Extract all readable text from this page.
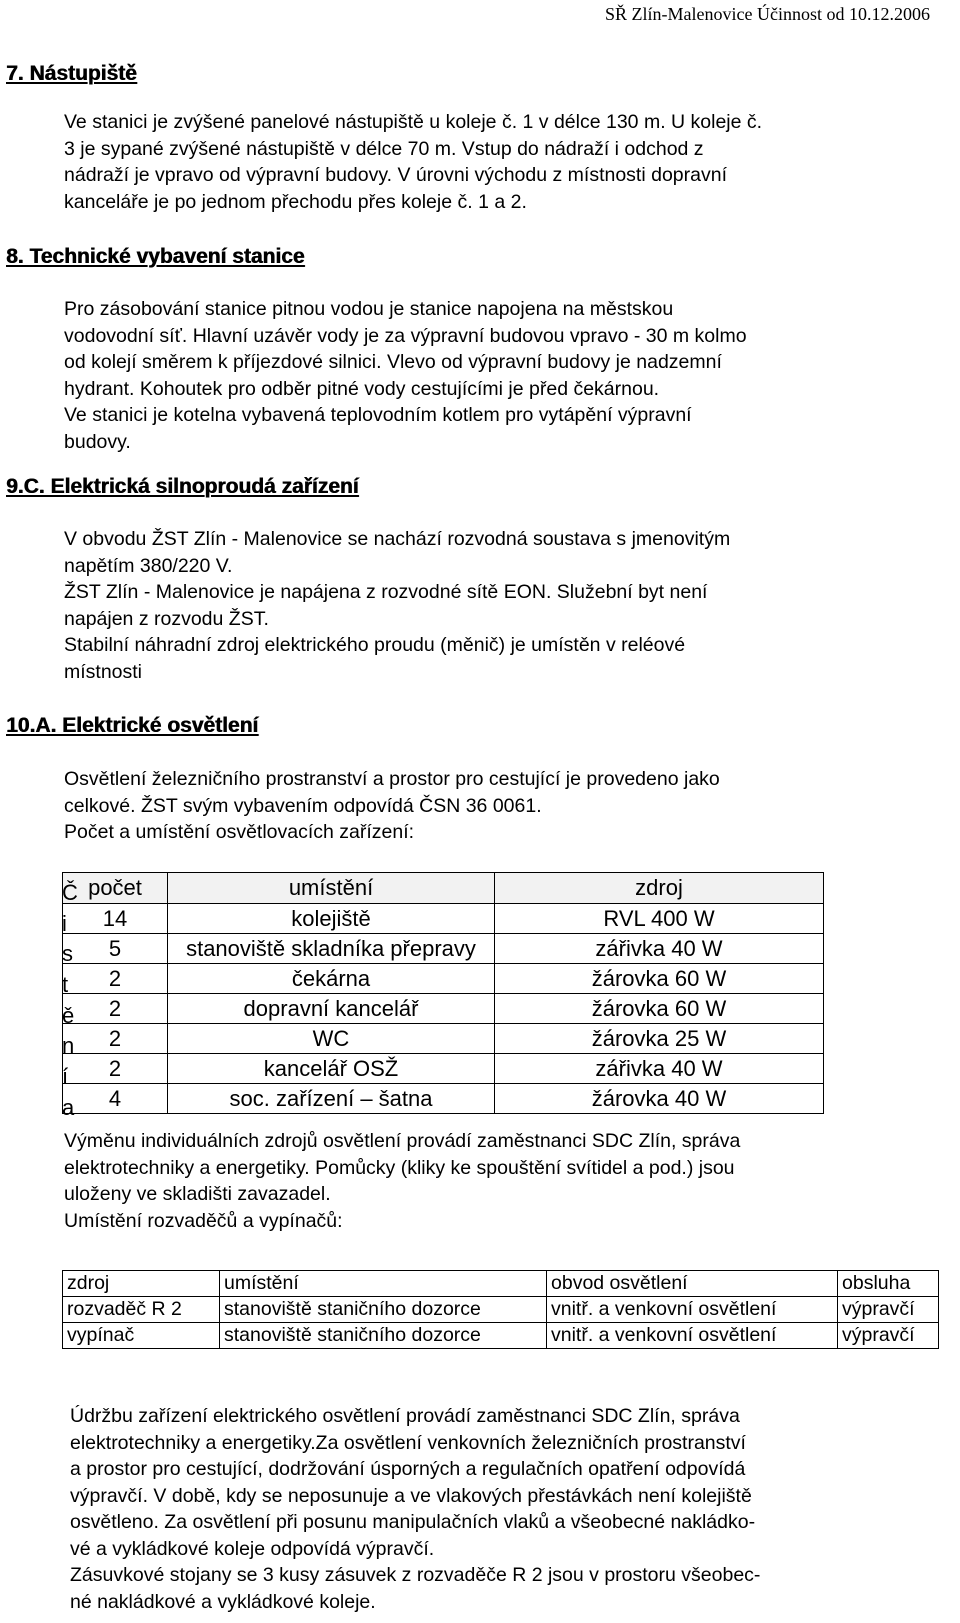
SŘ Zlín-Malenovice Účinnost od 10.12.2006
7. Nástupiště
Ve stanici je zvýšené panelové nástupiště u koleje č. 1 v délce 130 m. U koleje č.
3 je sypané zvýšené nástupiště v délce 70 m. Vstup do nádraží i odchod z
nádraží je vpravo od výpravní budovy. V úrovni východu z místnosti dopravní
kanceláře je po jednom přechodu přes koleje č. 1 a 2.
8. Technické vybavení stanice
Pro zásobování stanice pitnou vodou je stanice napojena na městskou
vodovodní síť. Hlavní uzávěr vody je za výpravní budovou vpravo - 30 m kolmo
od kolejí směrem k příjezdové silnici. Vlevo od výpravní budovy je nadzemní
hydrant. Kohoutek pro odběr pitné vody cestujícími je před čekárnou.
Ve stanici je kotelna vybavená teplovodním kotlem pro vytápění výpravní
budovy.
9.C. Elektrická silnoproudá zařízení
V obvodu ŽST Zlín - Malenovice se nachází rozvodná soustava s jmenovitým
napětím 380/220 V.
ŽST Zlín - Malenovice je napájena z rozvodné sítě EON. Služební byt není
napájen z rozvodu ŽST.
Stabilní náhradní zdroj elektrického proudu (měnič) je umístěn v reléové
místnosti
10.A. Elektrické osvětlení
Osvětlení železničního prostranství a prostor pro cestující je provedeno jako
celkové. ŽST svým vybavením odpovídá ČSN 36 0061.
Počet a umístění osvětlovacích zařízení:
počet	umístění	zdroj
14	kolejiště	RVL 400 W
5	stanoviště skladníka přepravy	zářivka 40 W
2	čekárna	žárovka 60 W
2	dopravní kancelář	žárovka 60 W
2	WC	žárovka 25 W
2	kancelář OSŽ	zářivka 40 W
4	soc. zařízení – šatna	žárovka 40 W
Č
i
s
t
ě
n
í
a
Výměnu individuálních zdrojů osvětlení provádí zaměstnanci SDC Zlín, správa
elektrotechniky a energetiky. Pomůcky (kliky ke spouštění svítidel a pod.) jsou
uloženy ve skladišti zavazadel.
Umístění rozvaděčů a vypínačů:
zdroj	umístění	obvod osvětlení	obsluha
rozvaděč R 2	stanoviště staničního dozorce	vnitř. a venkovní osvětlení	výpravčí
vypínač	stanoviště staničního dozorce	vnitř. a venkovní osvětlení	výpravčí
Údržbu zařízení elektrického osvětlení provádí zaměstnanci SDC Zlín, správa
elektrotechniky a energetiky.Za osvětlení venkovních železničních prostranství
a prostor pro cestující, dodržování úsporných a regulačních opatření odpovídá
výpravčí. V době, kdy se neposunuje a ve vlakových přestávkách není kolejiště
osvětleno. Za osvětlení při posunu manipulačních vlaků a všeobecné nakládko-
vé a vykládkové koleje odpovídá výpravčí.
Zásuvkové stojany se 3 kusy zásuvek z rozvaděče R 2 jsou v prostoru všeobec-
né nakládkové a vykládkové koleje.
